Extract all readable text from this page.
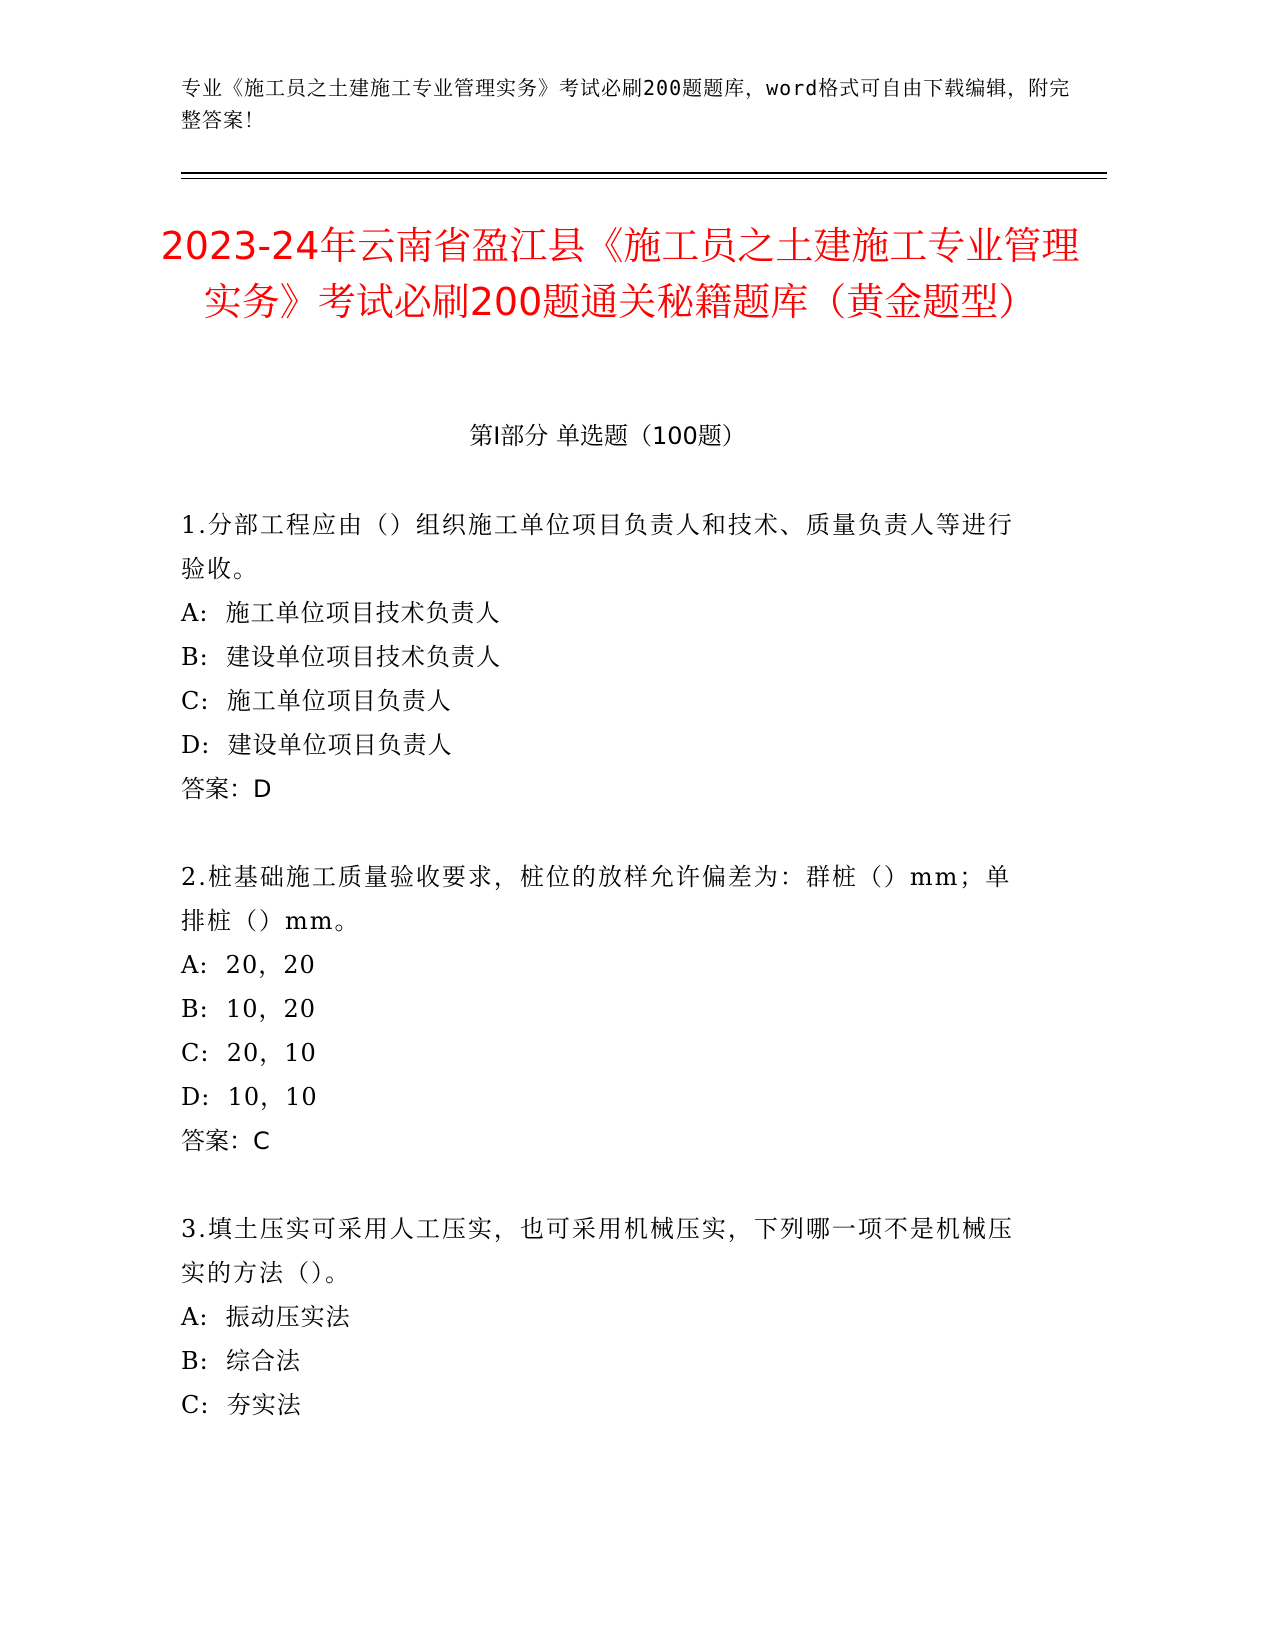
专业《施工员之土建施工专业管理实务》考试必刷200题题库，word格式可自由下载编辑，附完整答案！
2023-24年云南省盈江县《施工员之土建施工专业管理实务》考试必刷200题通关秘籍题库（黄金题型）
第Ⅰ部分 单选题（100题）
1.分部工程应由（）组织施工单位项目负责人和技术、质量负责人等进行验收。
A:  施工单位项目技术负责人
B:  建设单位项目技术负责人
C:  施工单位项目负责人
D:  建设单位项目负责人
答案：D
2.桩基础施工质量验收要求，桩位的放样允许偏差为：群桩（）mm；单排桩（）mm。
A:  20，20
B:  10，20
C:  20，10
D:  10，10
答案：C
3.填土压实可采用人工压实，也可采用机械压实，下列哪一项不是机械压实的方法（）。
A:  振动压实法
B:  综合法
C:  夯实法
